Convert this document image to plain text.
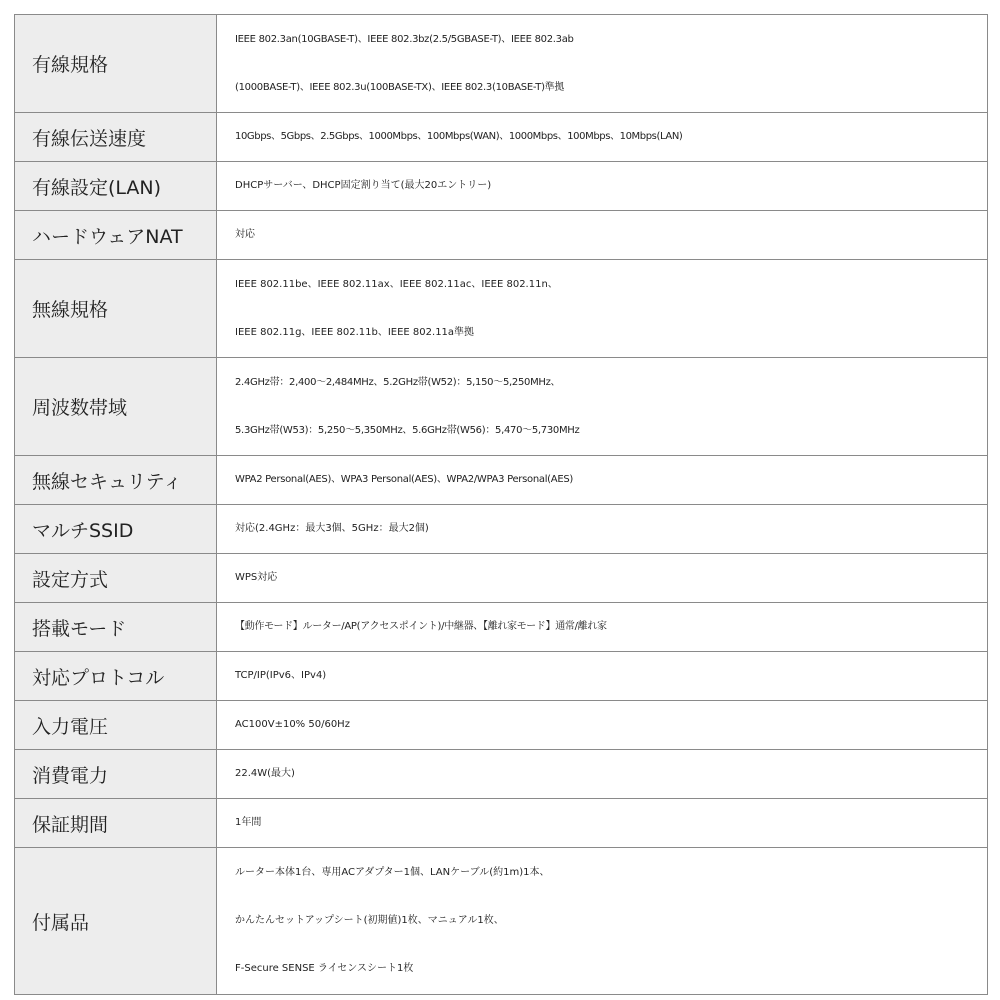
有線規格	IEEE 802.3an(10GBASE-T)、IEEE 802.3bz(2.5/5GBASE-T)、IEEE 802.3ab
(1000BASE-T)、IEEE 802.3u(100BASE-TX)、IEEE 802.3(10BASE-T)準拠

有線伝送速度	10Gbps、5Gbps、2.5Gbps、1000Mbps、100Mbps(WAN)、1000Mbps、100Mbps、10Mbps(LAN)

有線設定(LAN)	DHCPサーバー、DHCP固定割り当て(最大20エントリー)

ハードウェアNAT	対応

無線規格	IEEE 802.11be、IEEE 802.11ax、IEEE 802.11ac、IEEE 802.11n、
IEEE 802.11g、IEEE 802.11b、IEEE 802.11a準拠

周波数帯域	2.4GHz帯：2,400～2,484MHz、5.2GHz帯(W52)：5,150～5,250MHz、
5.3GHz帯(W53)：5,250～5,350MHz、5.6GHz帯(W56)：5,470～5,730MHz

無線セキュリティ	WPA2 Personal(AES)、WPA3 Personal(AES)、WPA2/WPA3 Personal(AES)

マルチSSID	対応(2.4GHz：最大3個、5GHz：最大2個)

設定方式	WPS対応

搭載モード	【動作モード】ルーター/AP(アクセスポイント)/中継器、【離れ家モード】通常/離れ家

対応プロトコル	TCP/IP(IPv6、IPv4)

入力電圧	AC100V±10% 50/60Hz

消費電力	22.4W(最大)

保証期間	1年間

付属品	ルーター本体1台、専用ACアダプター1個、LANケーブル(約1m)1本、
かんたんセットアップシート(初期値)1枚、マニュアル1枚、
F-Secure SENSE ライセンスシート1枚
